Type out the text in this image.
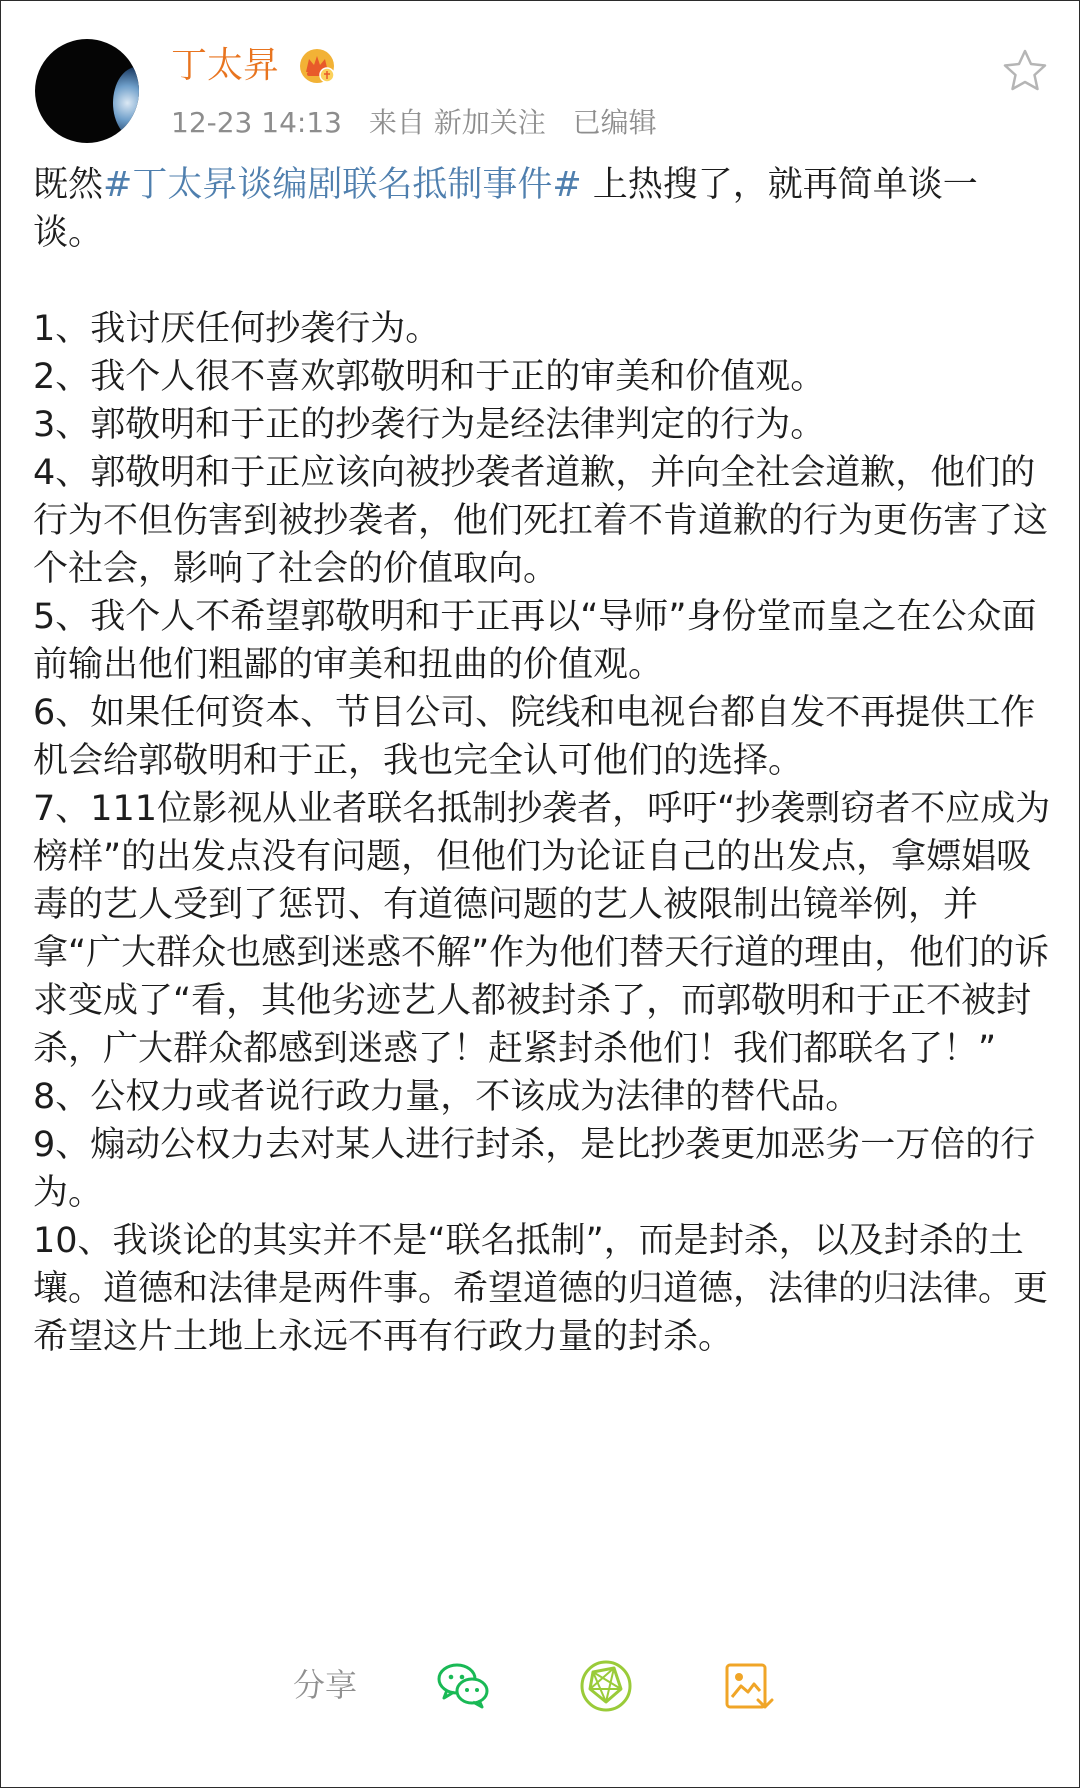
丁太昇
12-23 14:13 来自 新加关注 已编辑

既然#丁太昇谈编剧联名抵制事件# 上热搜了，就再简单谈一谈。

1、我讨厌任何抄袭行为。

2、我个人很不喜欢郭敬明和于正的审美和价值观。

3、郭敬明和于正的抄袭行为是经法律判定的行为。

4、郭敬明和于正应该向被抄袭者道歉，并向全社会道歉，他们的行为不但伤害到被抄袭者，他们死扛着不肯道歉的行为更伤害了这个社会，影响了社会的价值取向。

5、我个人不希望郭敬明和于正再以“导师”身份堂而皇之在公众面前输出他们粗鄙的审美和扭曲的价值观。

6、如果任何资本、节目公司、院线和电视台都自发不再提供工作机会给郭敬明和于正，我也完全认可他们的选择。

7、111位影视从业者联名抵制抄袭者，呼吁“抄袭剽窃者不应成为榜样”的出发点没有问题，但他们为论证自己的出发点，拿嫖娼吸毒的艺人受到了惩罚、有道德问题的艺人被限制出镜举例，并拿“广大群众也感到迷惑不解”作为他们替天行道的理由，他们的诉求变成了“看，其他劣迹艺人都被封杀了，而郭敬明和于正不被封杀，广大群众都感到迷惑了！赶紧封杀他们！我们都联名了！”

8、公权力或者说行政力量，不该成为法律的替代品。

9、煽动公权力去对某人进行封杀，是比抄袭更加恶劣一万倍的行为。

10、我谈论的其实并不是“联名抵制”，而是封杀，以及封杀的土壤。道德和法律是两件事。希望道德的归道德，法律的归法律。更希望这片土地上永远不再有行政力量的封杀。

分享
